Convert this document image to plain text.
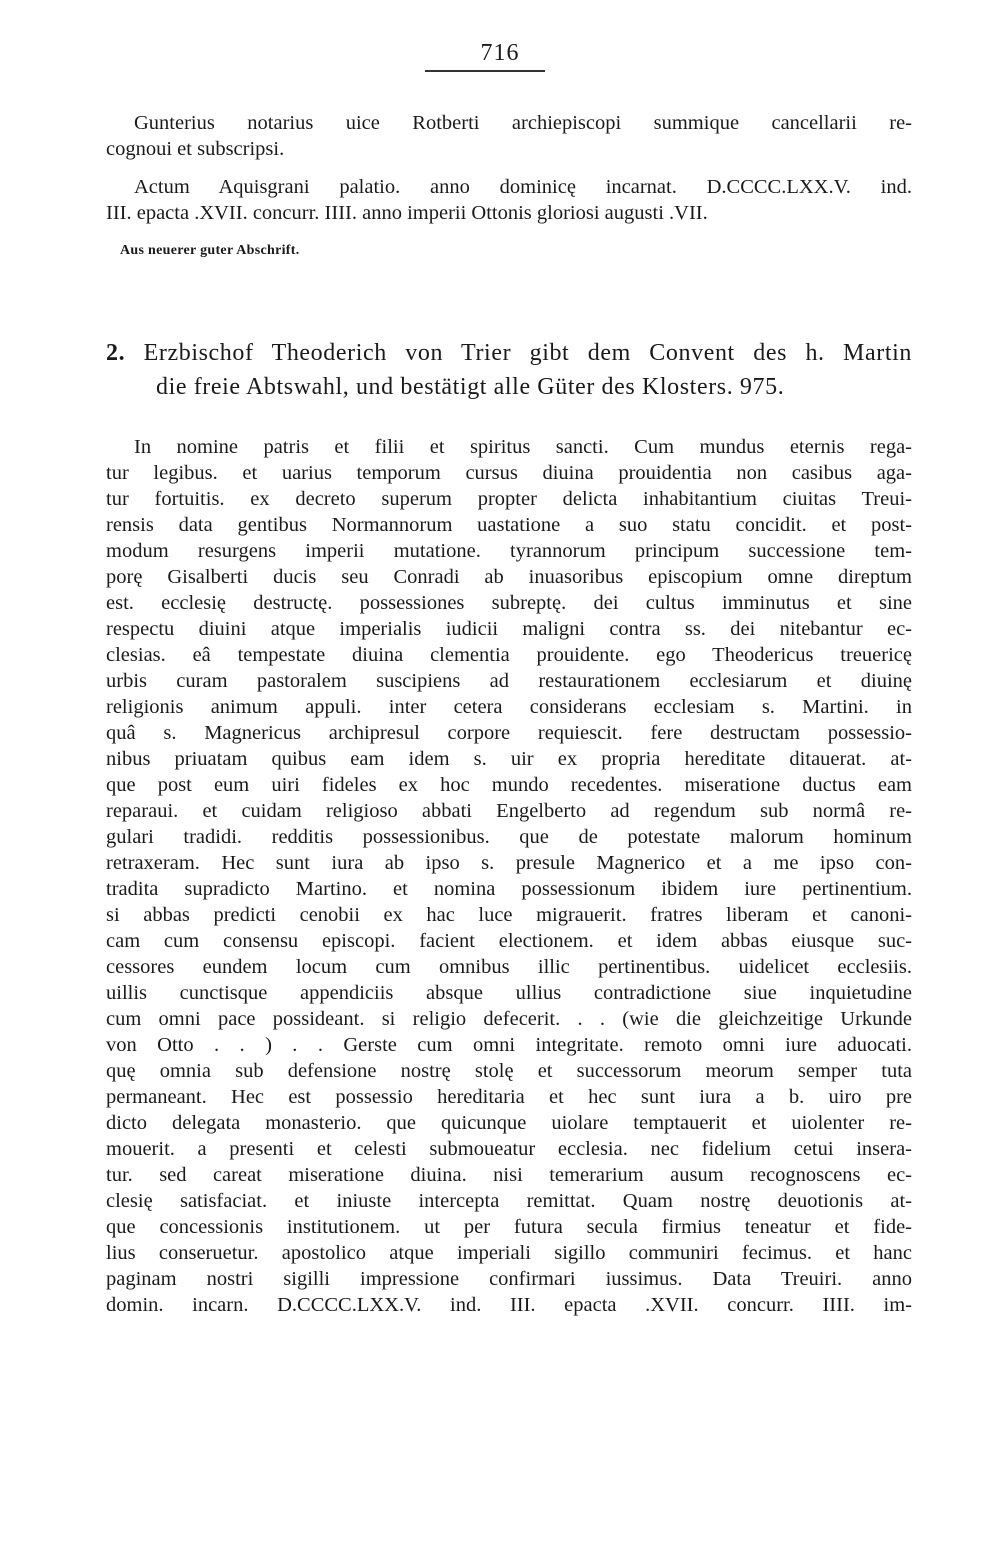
716
Gunterius notarius uice Rotberti archiepiscopi summique cancellarii re-
cognoui et subscripsi.
Actum Aquisgrani palatio. anno dominicę incarnat. D.CCCC.LXX.V. ind.
III. epacta .XVII. concurr. IIII. anno imperii Ottonis gloriosi augusti .VII.
Aus neuerer guter Abschrift.
2. Erzbischof Theoderich von Trier gibt dem Convent des h. Martin
die freie Abtswahl, und bestätigt alle Güter des Klosters. 975.
In nomine patris et filii et spiritus sancti. Cum mundus eternis rega-
tur legibus. et uarius temporum cursus diuina prouidentia non casibus aga-
tur fortuitis. ex decreto superum propter delicta inhabitantium ciuitas Treui-
rensis data gentibus Normannorum uastatione a suo statu concidit. et post-
modum resurgens imperii mutatione. tyrannorum principum successione tem-
porę Gisalberti ducis seu Conradi ab inuasoribus episcopium omne direptum
est. ecclesię destructę. possessiones subreptę. dei cultus imminutus et sine
respectu diuini atque imperialis iudicii maligni contra ss. dei nitebantur ec-
clesias. eâ tempestate diuina clementia prouidente. ego Theodericus treuericę
urbis curam pastoralem suscipiens ad restaurationem ecclesiarum et diuinę
religionis animum appuli. inter cetera considerans ecclesiam s. Martini. in
quâ s. Magnericus archipresul corpore requiescit. fere destructam possessio-
nibus priuatam quibus eam idem s. uir ex propria hereditate ditauerat. at-
que post eum uiri fideles ex hoc mundo recedentes. miseratione ductus eam
reparaui. et cuidam religioso abbati Engelberto ad regendum sub normâ re-
gulari tradidi. redditis possessionibus. que de potestate malorum hominum
retraxeram. Hec sunt iura ab ipso s. presule Magnerico et a me ipso con-
tradita supradicto Martino. et nomina possessionum ibidem iure pertinentium.
si abbas predicti cenobii ex hac luce migrauerit. fratres liberam et canoni-
cam cum consensu episcopi. facient electionem. et idem abbas eiusque suc-
cessores eundem locum cum omnibus illic pertinentibus. uidelicet ecclesiis.
uillis cunctisque appendiciis absque ullius contradictione siue inquietudine
cum omni pace possideant. si religio defecerit. . . (wie die gleichzeitige Urkunde
von Otto . . ) . . Gerste cum omni integritate. remoto omni iure aduocati.
quę omnia sub defensione nostrę stolę et successorum meorum semper tuta
permaneant. Hec est possessio hereditaria et hec sunt iura a b. uiro pre
dicto delegata monasterio. que quicunque uiolare temptauerit et uiolenter re-
mouerit. a presenti et celesti submoueatur ecclesia. nec fidelium cetui insera-
tur. sed careat miseratione diuina. nisi temerarium ausum recognoscens ec-
clesię satisfaciat. et iniuste intercepta remittat. Quam nostrę deuotionis at-
que concessionis institutionem. ut per futura secula firmius teneatur et fide-
lius conseruetur. apostolico atque imperiali sigillo communiri fecimus. et hanc
paginam nostri sigilli impressione confirmari iussimus. Data Treuiri. anno
domin. incarn. D.CCCC.LXX.V. ind. III. epacta .XVII. concurr. IIII. im-
